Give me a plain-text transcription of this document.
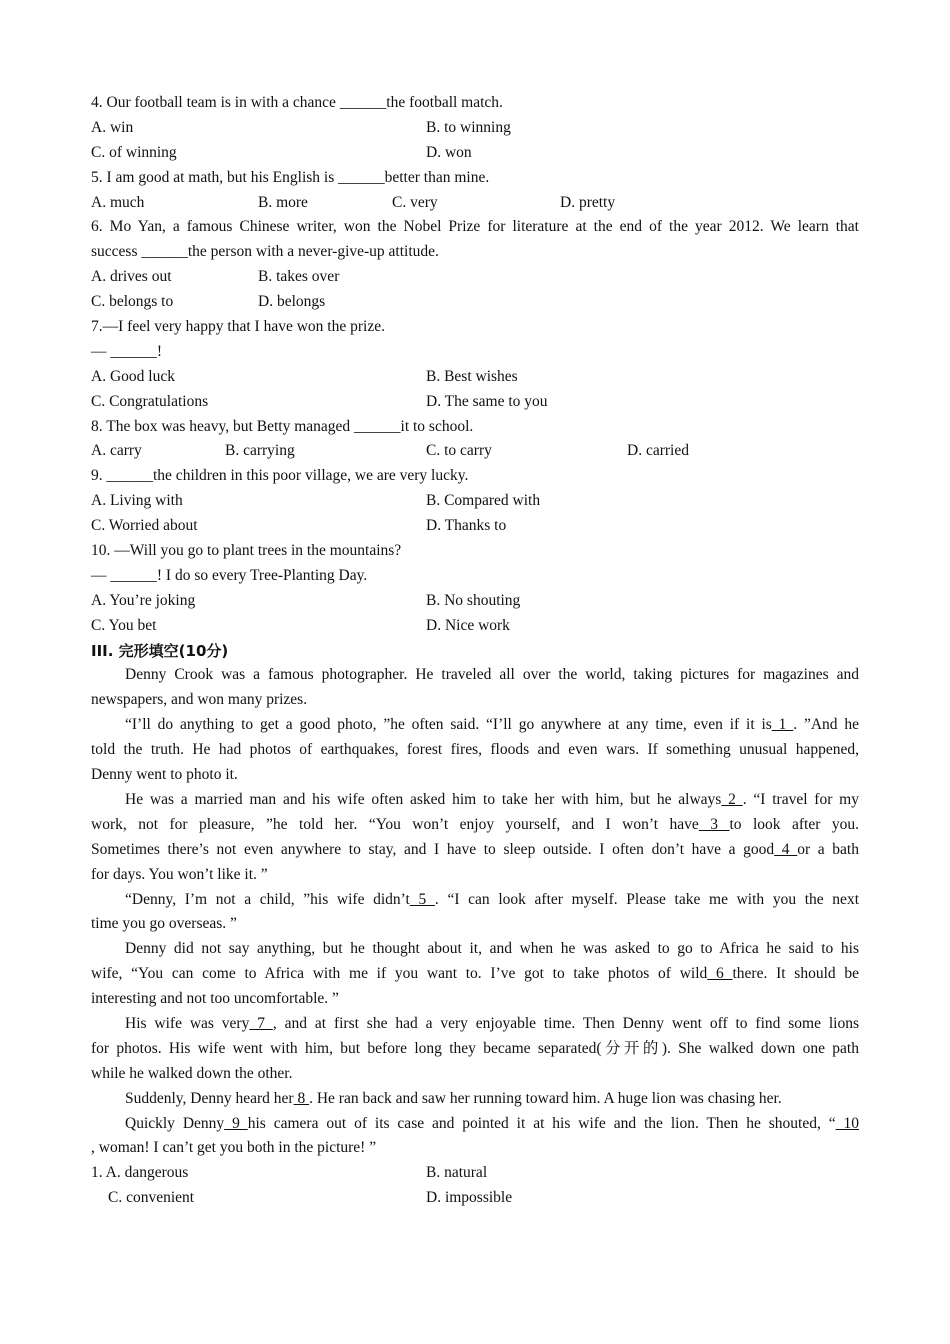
4. Our football team is in with a chance ______the football match.
A. win	B. to winning
C. of winning	D. won
5. I am good at math, but his English is ______better than mine.
A. much	B. more	C. very	D. pretty
6. Mo Yan, a famous Chinese writer, won the Nobel Prize for literature at the end of the year 2012. We learn that
success ______the person with a never-give-up attitude.
A. drives out	B. takes over
C. belongs to	D. belongs
7.—I feel very happy that I have won the prize.
— ______!
A. Good luck	B. Best wishes
C. Congratulations	D. The same to you
8. The box was heavy, but Betty managed ______it to school.
A. carry	B. carrying	C. to carry	D. carried
9. ______the children in this poor village, we are very lucky.
A. Living with	B. Compared with
C. Worried about	D. Thanks to
10. —Will you go to plant trees in the mountains?
— ______! I do so every Tree-Planting Day.
A. You’re joking	B. No shouting
C. You bet	D. Nice work
III. 完形填空(10分)
Denny Crook was a famous photographer. He traveled all over the world, taking pictures for magazines and
newspapers, and won many prizes.
“I’ll do anything to get a good photo, ”he often said. “I’ll go anywhere at any time, even if it is 1 . ”And he
told the truth. He had photos of earthquakes, forest fires, floods and even wars. If something unusual happened,
Denny went to photo it.
He was a married man and his wife often asked him to take her with him, but he always 2 . “I travel for my
work, not for pleasure, ”he told her. “You won’t enjoy yourself, and I won’t have 3 to look after you.
Sometimes there’s not even anywhere to stay, and I have to sleep outside. I often don’t have a good 4 or a bath
for days. You won’t like it. ”
“Denny, I’m not a child, ”his wife didn’t 5 . “I can look after myself. Please take me with you the next
time you go overseas. ”
Denny did not say anything, but he thought about it, and when he was asked to go to Africa he said to his
wife, “You can come to Africa with me if you want to. I’ve got to take photos of wild 6 there. It should be
interesting and not too uncomfortable. ”
His wife was very 7 , and at first she had a very enjoyable time. Then Denny went off to find some lions
for photos. His wife went with him, but before long they became separated(分开的). She walked down one path
while he walked down the other.
Suddenly, Denny heard her 8 . He ran back and saw her running toward him. A huge lion was chasing her.
Quickly Denny 9 his camera out of its case and pointed it at his wife and the lion. Then he shouted, “ 10
, woman! I can’t get you both in the picture! ”
1. A. dangerous	B. natural
C. convenient	D. impossible
